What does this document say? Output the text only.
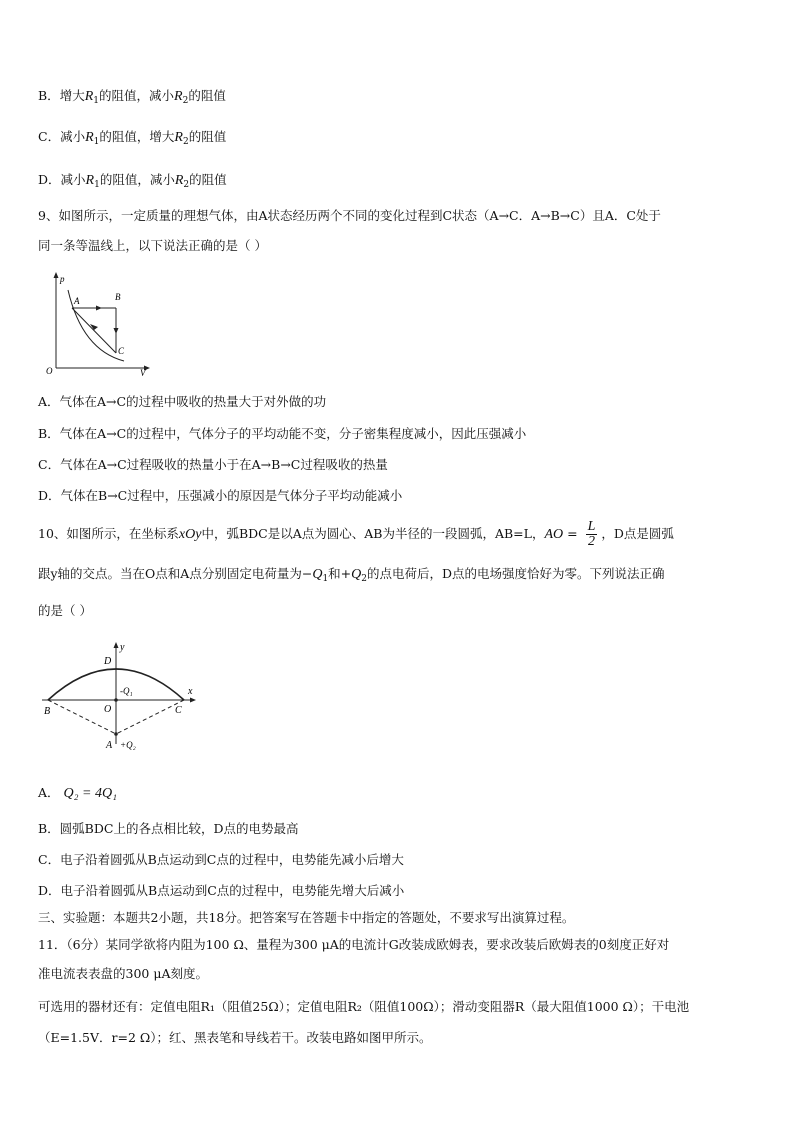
B．增大$R_1$的阻值，减小$R_2$的阻值
C．减小$R_1$的阻值，增大$R_2$的阻值
D．减小$R_1$的阻值，减小$R_2$的阻值
9、如图所示，一定质量的理想气体，由A状态经历两个不同的变化过程到C状态（A→C．A→B→C）且A．C处于
同一条等温线上，以下说法正确的是（ ）
p
V
O
A	B
C
A．气体在A→C的过程中吸收的热量大于对外做的功
B．气体在A→C的过程中，气体分子的平均动能不变，分子密集程度减小，因此压强减小
C．气体在A→C过程吸收的热量小于在A→B→C过程吸收的热量
D．气体在B→C过程中，压强减小的原因是气体分子平均动能减小
10、如图所示，在坐标系xOy中，弧BDC是以A点为圆心、AB为半径的一段圆弧，AB=L，AO = $\frac{L}{2}$ ，D点是圆弧
跟y轴的交点。当在O点和A点分别固定电荷量为$-Q_1$和$+Q_2$的点电荷后，D点的电场强度恰好为零。下列说法正确
的是（ ）
y
x
D
B	O	C
A
-Q₁
+Q₂
A． Q₂ = 4Q₁
B．圆弧BDC上的各点相比较，D点的电势最高
C．电子沿着圆弧从B点运动到C点的过程中，电势能先减小后增大
D．电子沿着圆弧从B点运动到C点的过程中，电势能先增大后减小
三、实验题：本题共2小题，共18分。把答案写在答题卡中指定的答题处，不要求写出演算过程。
11．（6分）某同学欲将内阻为100 Ω、量程为300 μA的电流计G改装成欧姆表，要求改装后欧姆表的0刻度正好对
准电流表表盘的300 μA刻度。
可选用的器材还有：定值电阻R₁（阻值25Ω）；定值电阻R₂（阻值100Ω）；滑动变阻器R（最大阻值1000 Ω）；干电池
（E=1.5V．r=2 Ω）；红、黑表笔和导线若干。改装电路如图甲所示。
